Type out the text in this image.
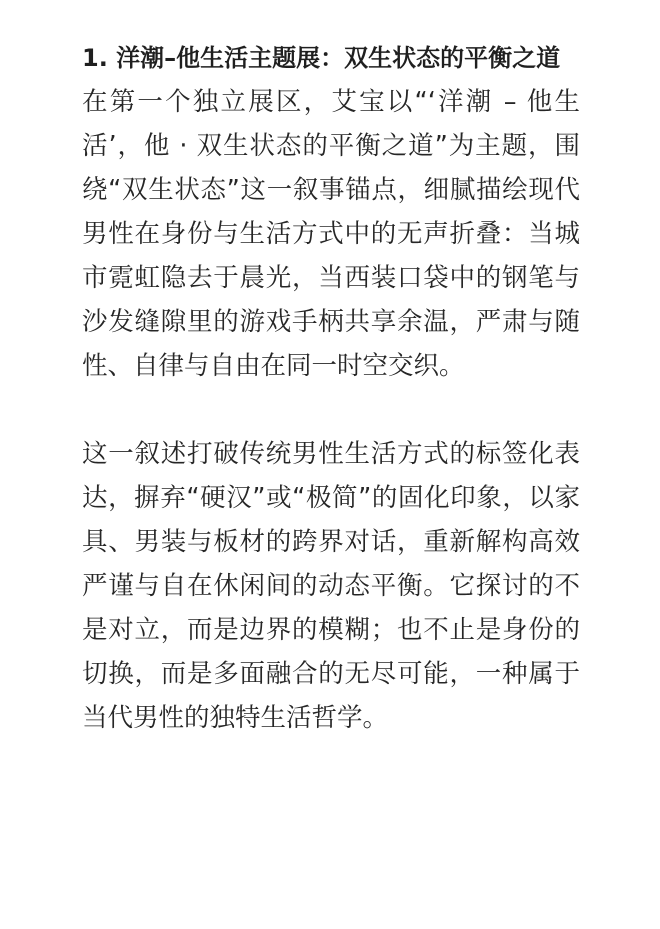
1. 洋潮–他生活主题展：双生状态的平衡之道

在第一个独立展区，艾宝以“‘洋潮 – 他生活’，他 · 双生状态的平衡之道”为主题，围绕“双生状态”这一叙事锚点，细腻描绘现代男性在身份与生活方式中的无声折叠：当城市霓虹隐去于晨光，当西装口袋中的钢笔与沙发缝隙里的游戏手柄共享余温，严肃与随性、自律与自由在同一时空交织。

这一叙述打破传统男性生活方式的标签化表达，摒弃“硬汉”或“极简”的固化印象，以家具、男装与板材的跨界对话，重新解构高效严谨与自在休闲间的动态平衡。它探讨的不是对立，而是边界的模糊；也不止是身份的切换，而是多面融合的无尽可能，一种属于当代男性的独特生活哲学。
